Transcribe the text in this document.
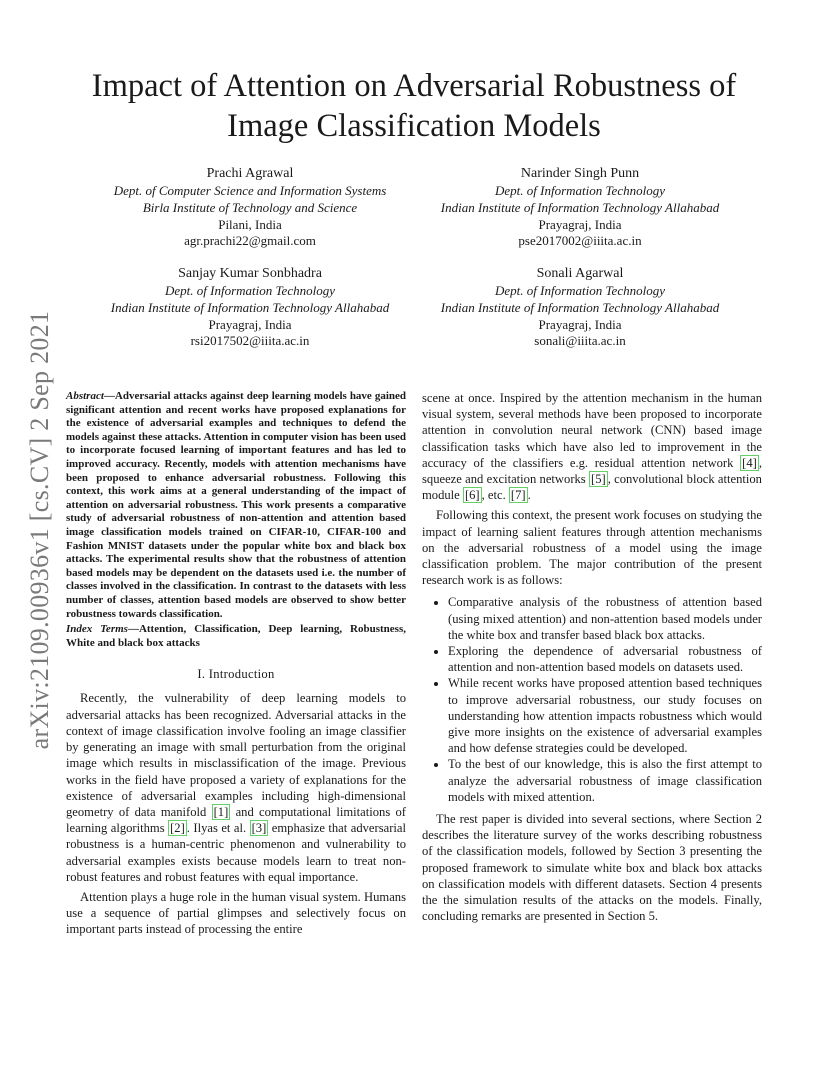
arXiv:2109.00936v1 [cs.CV] 2 Sep 2021
Impact of Attention on Adversarial Robustness of
Image Classification Models
Prachi Agrawal
Dept. of Computer Science and Information Systems
Birla Institute of Technology and Science
Pilani, India
agr.prachi22@gmail.com
Narinder Singh Punn
Dept. of Information Technology
Indian Institute of Information Technology Allahabad
Prayagraj, India
pse2017002@iiita.ac.in
Sanjay Kumar Sonbhadra
Dept. of Information Technology
Indian Institute of Information Technology Allahabad
Prayagraj, India
rsi2017502@iiita.ac.in
Sonali Agarwal
Dept. of Information Technology
Indian Institute of Information Technology Allahabad
Prayagraj, India
sonali@iiita.ac.in

Abstract—Adversarial attacks against deep learning models have gained significant attention and recent works have proposed explanations for the existence of adversarial examples and techniques to defend the models against these attacks. Attention in computer vision has been used to incorporate focused learning of important features and has led to improved accuracy. Recently, models with attention mechanisms have been proposed to enhance adversarial robustness. Following this context, this work aims at a general understanding of the impact of attention on adversarial robustness. This work presents a comparative study of adversarial robustness of non-attention and attention based image classification models trained on CIFAR-10, CIFAR-100 and Fashion MNIST datasets under the popular white box and black box attacks. The experimental results show that the robustness of attention based models may be dependent on the datasets used i.e. the number of classes involved in the classification. In contrast to the datasets with less number of classes, attention based models are observed to show better robustness towards classification.

Index Terms—Attention, Classification, Deep learning, Robustness, White and black box attacks

I. Introduction

Recently, the vulnerability of deep learning models to adversarial attacks has been recognized. Adversarial attacks in the context of image classification involve fooling an image classifier by generating an image with small perturbation from the original image which results in misclassification of the image. Previous works in the field have proposed a variety of explanations for the existence of adversarial examples including high-dimensional geometry of data manifold [1] and computational limitations of learning algorithms [2] . Ilyas et al. [3] emphasize that adversarial robustness is a human-centric phenomenon and vulnerability to adversarial examples exists because models learn to treat non-robust features and robust features with equal importance.

Attention plays a huge role in the human visual system. Humans use a sequence of partial glimpses and selectively focus on important parts instead of processing the entire

scene at once. Inspired by the attention mechanism in the human visual system, several methods have been proposed to incorporate attention in convolution neural network (CNN) based image classification tasks which have also led to improvement in the accuracy of the classifiers e.g. residual attention network [4] , squeeze and excitation networks [5] , convolutional block attention module [6] , etc. [7] .

Following this context, the present work focuses on studying the impact of learning salient features through attention mechanisms on the adversarial robustness of a model using the image classification problem. The major contribution of the present research work is as follows:

• Comparative analysis of the robustness of attention based (using mixed attention) and non-attention based models under the white box and transfer based black box attacks.
• Exploring the dependence of adversarial robustness of attention and non-attention based models on datasets used.
• While recent works have proposed attention based techniques to improve adversarial robustness, our study focuses on understanding how attention impacts robustness which would give more insights on the existence of adversarial examples and how defense strategies could be developed.
• To the best of our knowledge, this is also the first attempt to analyze the adversarial robustness of image classification models with mixed attention.

The rest paper is divided into several sections, where Section 2 describes the literature survey of the works describing robustness of the classification models, followed by Section 3 presenting the proposed framework to simulate white box and black box attacks on classification models with different datasets. Section 4 presents the the simulation results of the attacks on the models. Finally, concluding remarks are presented in Section 5.
